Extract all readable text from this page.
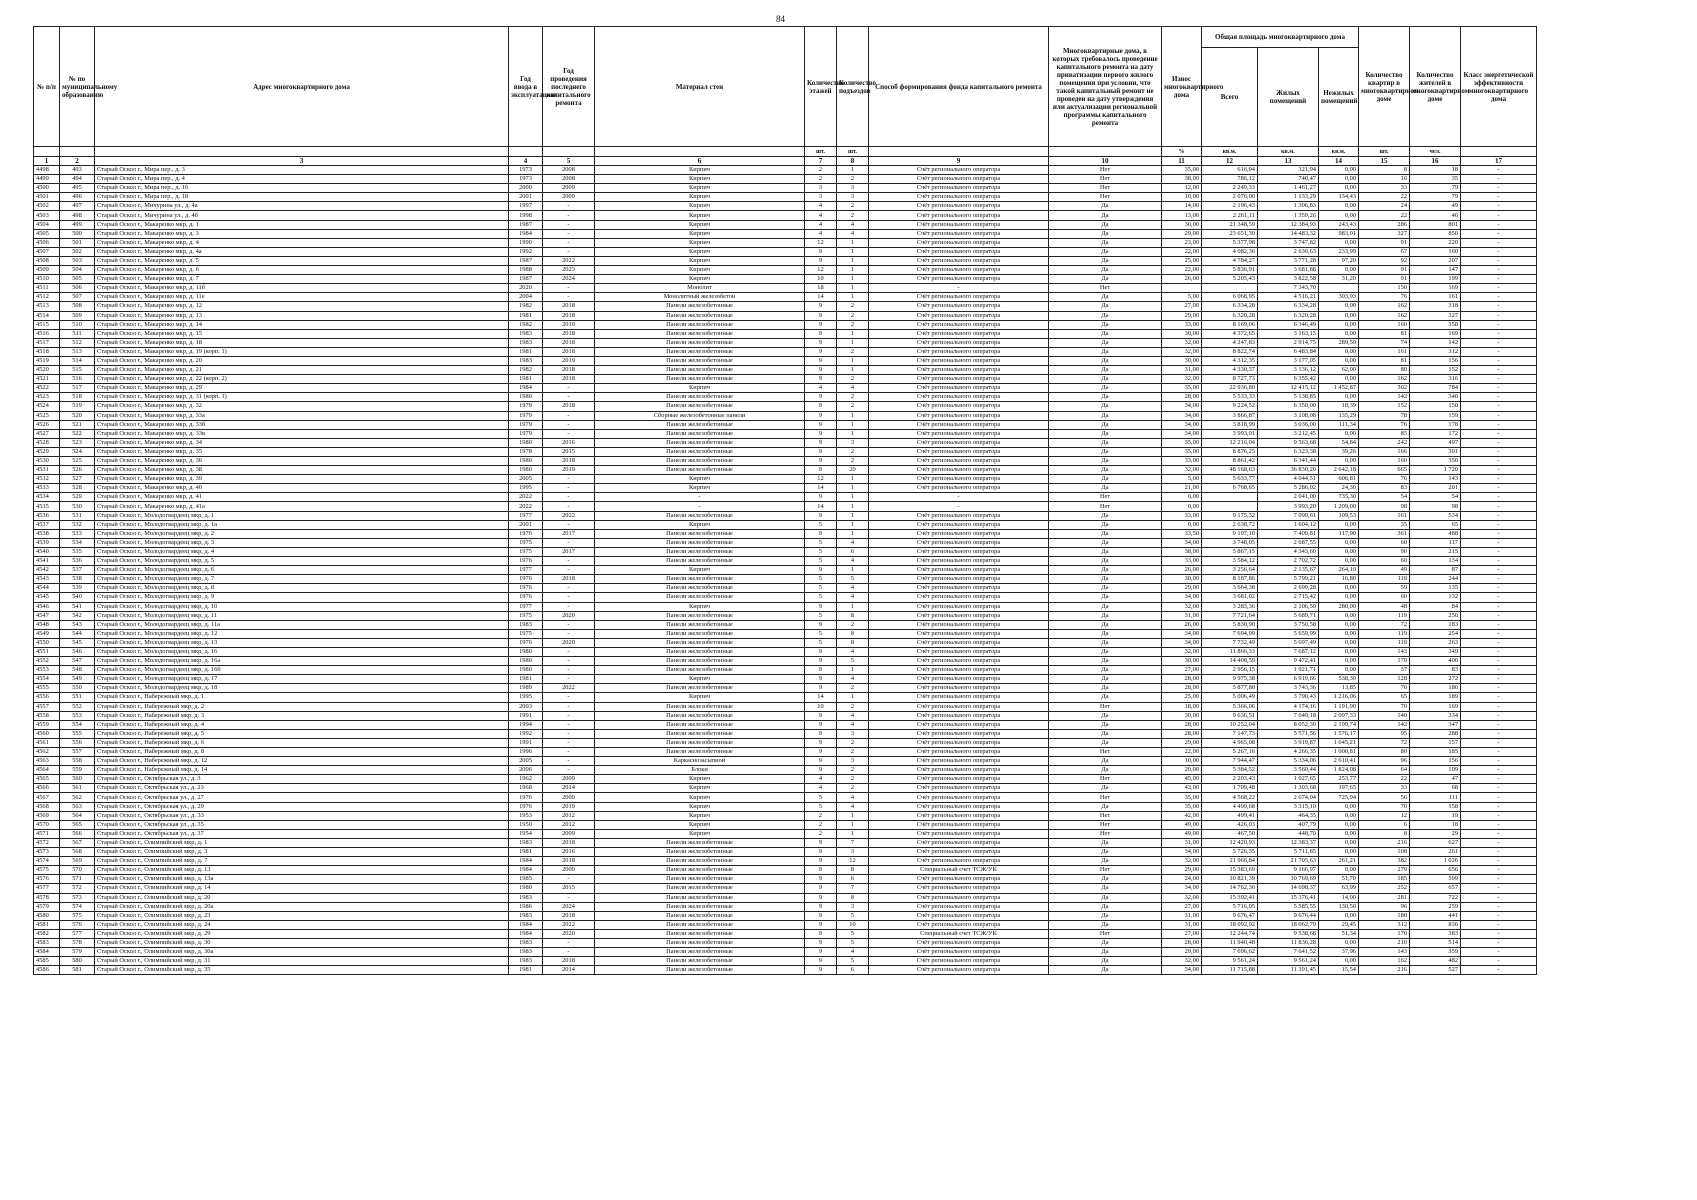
84
№ п/п	№ по муниципальному образованию	Адрес многоквартирного дома	Год ввода в эксплуатацию	Год проведения последнего капитального ремонта	Материал стен	Количество этажей	Количество подъездов	Способ формирования фонда капитального ремонта	Многоквартирные дома, в которых требовалось проведение капитального ремонта на дату приватизации первого жилого помещения при условии, что такой капитальный ремонт не проведен на дату утверждения или актуализации региональной программы капитального ремонта	Износ многоквартирного дома	Общая площадь многоквартирного дома			Количество квартир в многоквартирном доме	Количество жителей в многоквартирном доме	Класс энергетической эффективности многоквартирного дома
											Всего	Жилых помещений	Нежилых помещений			
						шт.	шт.			%	кв.м.	кв.м.	кв.м.	шт.	чел.	
1	2	3	4	5	6	7	8	9	10	11	12	13	14	15	16	17
4498	493	Старый Оскол г., Мира пер., д. 3	1973	2008	Кирпич	2	1	Счёт регионального оператора	Нет	35,00	616,94	321,94	0,00	8	18	-
4499	494	Старый Оскол г., Мира пер., д. 4	1973	2008	Кирпич	2	2	Счёт регионального оператора	Нет	38,00	786,12	740,47	0,00	16	35	-
4500	495	Старый Оскол г., Мира пер., д. 16	2000	2009	Кирпич	3	3	Счёт регионального оператора	Нет	12,00	2 249,33	1 461,27	0,00	33	79	-
4501	496	Старый Оскол г., Мира пер., д. 18	2001	2009	Кирпич	3	3	Счёт регионального оператора	Нет	10,00	2 076,00	1 133,29	134,43	22	79	-
4502	497	Старый Оскол г., Мичурина ул., д. 4а	1997	-	Кирпич	4	2	Счёт регионального оператора	Да	14,00	2 196,43	1 306,83	0,00	24	49	-
4503	498	Старый Оскол г., Мичурина ул., д. 4б	1998	-	Кирпич	4	2	Счёт регионального оператора	Да	13,00	2 261,11	1 359,26	0,00	22	46	-
4504	499	Старый Оскол г., Макаренко мкр, д. 1	1987	-	Кирпич	4	4	Счёт регионального оператора	Да	30,00	21 348,59	12 384,93	243,43	286	801	-
4505	500	Старый Оскол г., Макаренко мкр, д. 3	1984	-	Кирпич	4	4	Счёт регионального оператора	Да	29,00	23 651,30	14 483,32	983,01	327	850	-
4506	501	Старый Оскол г., Макаренко мкр, д. 4	1990	-	Кирпич	12	1	Счёт регионального оператора	Да	23,00	5 377,98	3 747,82	0,00	91	220	-
4507	502	Старый Оскол г., Макаренко мкр, д. 4а	1992	-	Кирпич	9	1	Счёт регионального оператора	Да	22,00	4 082,36	2 636,63	233,99	67	160	-
4508	503	Старый Оскол г., Макаренко мкр, д. 5	1987	2022	Кирпич	9	1	Счёт регионального оператора	Да	25,00	4 784,27	3 771,28	97,20	92	207	-
4509	504	Старый Оскол г., Макаренко мкр, д. 6	1988	2023	Кирпич	12	1	Счёт регионального оператора	Да	22,00	5 836,91	3 681,88	0,00	91	147	-
4510	505	Старый Оскол г., Макаренко мкр, д. 7	1987	2024	Кирпич	10	1	Счёт регионального оператора	Да	26,00	5 205,43	3 822,58	31,20	91	199	-
4511	506	Старый Оскол г., Макаренко мкр, д. 11б	2020	-	Монолит	18	1	-	Нет			7 343,70		150	169	-
4512	507	Старый Оскол г., Макаренко мкр, д. 11е	2004	-	Монолитный железобетон	14	1	Счёт регионального оператора	Да	5,00	6 068,95	4 516,21	303,93	76	161	-
4513	508	Старый Оскол г., Макаренко мкр, д. 12	1982	2018	Панели железобетонные	9	2	Счёт регионального оператора	Да	27,00	6 334,28	6 334,28	0,00	162	318	-
4514	509	Старый Оскол г., Макаренко мкр, д. 13	1981	2018	Панели железобетонные	9	2	Счёт регионального оператора	Да	29,00	6 320,28	6 320,28	0,00	162	327	-
4515	510	Старый Оскол г., Макаренко мкр, д. 14	1982	2019	Панели железобетонные	9	2	Счёт регионального оператора	Да	33,00	8 169,06	6 346,49	0,00	160	358	-
4516	511	Старый Оскол г., Макаренко мкр, д. 15	1983	2018	Панели железобетонные	9	1	Счёт регионального оператора	Да	30,00	4 372,65	3 163,15	0,00	81	169	-
4517	512	Старый Оскол г., Макаренко мкр, д. 18	1983	2018	Панели железобетонные	9	1	Счёт регионального оператора	Да	32,00	4 247,83	2 914,75	289,50	74	142	-
4518	513	Старый Оскол г., Макаренко мкр, д. 19 (корп. 1)	1981	2018	Панели железобетонные	9	2	Счёт регионального оператора	Да	32,00	8 822,74	6 483,84	0,00	161	312	-
4519	514	Старый Оскол г., Макаренко мкр, д. 20	1983	2019	Панели железобетонные	9	1	Счёт регионального оператора	Да	30,00	4 312,35	3 177,05	0,00	81	156	-
4520	515	Старый Оскол г., Макаренко мкр, д. 21	1982	2018	Панели железобетонные	9	1	Счёт регионального оператора	Да	31,00	4 330,37	3 136,12	62,00	80	152	-
4521	516	Старый Оскол г., Макаренко мкр, д. 22 (корп. 2)	1981	2018	Панели железобетонные	9	2	Счёт регионального оператора	Да	32,00	8 727,73	6 355,42	0,00	162	316	-
4522	517	Старый Оскол г., Макаренко мкр, д. 29	1984	-	Кирпич	4	4	Счёт регионального оператора	Да	35,00	22 936,80	12 415,12	1 452,87	302	784	-
4523	518	Старый Оскол г., Макаренко мкр, д. 31 (корп. 1)	1980	-	Панели железобетонные	9	2	Счёт регионального оператора	Да	28,00	5 533,33	5 138,85	0,00	142	340	-
4524	519	Старый Оскол г., Макаренко мкр, д. 32	1979	2018	Панели железобетонные	9	2	Счёт регионального оператора	Да	34,00	9 224,52	6 350,00	18,39	152	150	-
4525	520	Старый Оскол г., Макаренко мкр, д. 33а	1979	-	Сборные железобетонные панели	9	1	Счёт регионального оператора	Да	34,00	3 866,87	3 108,08	135,29	78	159	-
4526	521	Старый Оскол г., Макаренко мкр, д. 33б	1979	-	Панели железобетонные	9	1	Счёт регионального оператора	Да	34,00	3 818,99	3 036,00	111,34	76	178	-
4527	522	Старый Оскол г., Макаренко мкр, д. 33в	1979	-	Панели железобетонные	9	1	Счёт регионального оператора	Да	34,00	3 993,01	3 212,45	0,00	85	172	-
4528	523	Старый Оскол г., Макаренко мкр, д. 34	1980	2016	Панели железобетонные	9	3	Счёт регионального оператора	Да	35,00	12 216,04	9 563,68	54,84	242	497	-
4529	524	Старый Оскол г., Макаренко мкр, д. 35	1978	2015	Панели железобетонные	9	2	Счёт регионального оператора	Да	35,00	8 876,25	6 323,38	39,26	166	301	-
4530	525	Старый Оскол г., Макаренко мкр, д. 36	1980	2018	Панели железобетонные	9	2	Счёт регионального оператора	Да	33,00	8 861,42	6 341,44	0,00	160	350	-
4531	526	Старый Оскол г., Макаренко мкр, д. 38	1980	2019	Панели железобетонные	9	20	Счёт регионального оператора	Да	32,00	48 168,63	36 830,20	2 642,18	665	1 720	-
4532	527	Старый Оскол г., Макаренко мкр, д. 39	2005	-	Кирпич	12	1	Счёт регионального оператора	Да	5,00	5 633,77	4 044,51	606,81	76	143	-
4533	528	Старый Оскол г., Макаренко мкр, д. 40	1995	-	Кирпич	14	1	Счёт регионального оператора	Да	21,00	6 768,65	5 286,02	24,30	83	201	-
4534	529	Старый Оскол г., Макаренко мкр, д. 41	2022	-	-	9	1	-	Нет	0,00		2 041,00	735,30	54	54	-
4535	530	Старый Оскол г., Макаренко мкр, д. 41а	2022	-	-	14	1	-	Нет	0,00		3 993,20	1 209,00	98	98	-
4536	531	Старый Оскол г., Молодогвардеец мкр, д. 1	1977	2022	Панели железобетонные	9	1	Счёт регионального оператора	Да	33,00	9 175,32	7 099,61	109,53	161	534	-
4537	532	Старый Оскол г., Молодогвардеец мкр, д. 1а	2001	-	Кирпич	5	1	Счёт регионального оператора	Да	0,00	2 638,72	1 604,12	0,00	35	65	-
4538	533	Старый Оскол г., Молодогвардеец мкр, д. 2	1976	2017	Панели железобетонные	9	1	Счёт регионального оператора	Да	33,50	9 197,10	7 409,81	117,90	361	488	-
4539	534	Старый Оскол г., Молодогвардеец мкр, д. 3	1975	-	Панели железобетонные	5	4	Счёт регионального оператора	Да	34,00	3 748,05	2 687,55	0,00	60	117	-
4540	535	Старый Оскол г., Молодогвардеец мкр, д. 4	1975	2017	Панели железобетонные	5	6	Счёт регионального оператора	Да	38,00	5 867,15	4 343,60	0,00	90	215	-
4541	536	Старый Оскол г., Молодогвардеец мкр, д. 5	1976	-	Панели железобетонные	5	4	Счёт регионального оператора	Да	33,00	3 584,12	2 702,72	0,00	60	134	-
4542	537	Старый Оскол г., Молодогвардеец мкр, д. 6	1977	-	Кирпич	9	1	Счёт регионального оператора	Да	26,00	3 256,64	2 135,67	264,10	49	87	-
4543	538	Старый Оскол г., Молодогвардеец мкр, д. 7	1976	2018	Панели железобетонные	5	5	Счёт регионального оператора	Да	30,00	8 187,86	5 799,21	16,80	119	244	-
4544	539	Старый Оскол г., Молодогвардеец мкр, д. 8	1976	-	Панели железобетонные	5	4	Счёт регионального оператора	Да	29,00	3 664,38	2 699,28	0,00	59	135	-
4545	540	Старый Оскол г., Молодогвардеец мкр, д. 9	1976	-	Панели железобетонные	5	4	Счёт регионального оператора	Да	34,00	3 681,02	2 715,42	0,00	60	132	-
4546	541	Старый Оскол г., Молодогвардеец мкр, д. 10	1977	-	Кирпич	9	1	Счёт регионального оператора	Да	32,00	3 283,36	2 106,50	280,00	48	84	-
4547	542	Старый Оскол г., Молодогвардеец мкр, д. 11	1975	2020	Панели железобетонные	5	8	Счёт регионального оператора	Да	31,00	7 721,64	5 689,71	0,00	119	250	-
4548	543	Старый Оскол г., Молодогвардеец мкр, д. 11а	1983	-	Панели железобетонные	9	2	Счёт регионального оператора	Да	26,00	5 830,90	3 750,58	0,00	72	183	-
4549	544	Старый Оскол г., Молодогвардеец мкр, д. 12	1975	-	Панели железобетонные	5	8	Счёт регионального оператора	Да	34,00	7 694,99	5 659,99	0,00	119	254	-
4550	545	Старый Оскол г., Молодогвардеец мкр, д. 13	1976	2020	Панели железобетонные	5	8	Счёт регионального оператора	Да	34,00	7 732,49	5 697,49	0,00	119	263	-
4551	546	Старый Оскол г., Молодогвардеец мкр, д. 16	1980	-	Панели железобетонные	9	4	Счёт регионального оператора	Да	32,00	11 866,33	7 687,12	0,00	143	349	-
4552	547	Старый Оскол г., Молодогвардеец мкр, д. 16а	1980	-	Панели железобетонные	9	5	Счёт регионального оператора	Да	30,00	14 408,59	9 472,41	0,00	179	400	-
4553	548	Старый Оскол г., Молодогвардеец мкр, д. 16б	1980	-	Панели железобетонные	9	1	Счёт регионального оператора	Да	27,00	2 956,15	1 921,71	0,00	37	83	-
4554	549	Старый Оскол г., Молодогвардеец мкр, д. 17	1981	-	Кирпич	9	4	Счёт регионального оператора	Да	28,00	9 975,38	6 919,66	538,30	128	272	-
4555	550	Старый Оскол г., Молодогвардеец мкр, д. 18	1989	2022	Панели железобетонные	9	2	Счёт регионального оператора	Да	28,00	5 877,80	3 743,36	13,85	70	180	-
4556	551	Старый Оскол г., Набережный мкр, д. 1	1995	-	Кирпич	14	1	Счёт регионального оператора	Да	25,00	5 006,49	3 790,43	1 216,06	65	189	-
4557	552	Старый Оскол г., Набережный мкр, д. 2	2003	-	Панели железобетонные	10	2	Счёт регионального оператора	Нет	18,00	5 366,06	4 174,16	1 191,90	70	169	-
4558	553	Старый Оскол г., Набережный мкр, д. 3	1991	-	Панели железобетонные	9	4	Счёт регионального оператора	Да	30,00	9 636,51	7 649,18	2 097,33	140	334	-
4559	554	Старый Оскол г., Набережный мкр, д. 4	1994	-	Панели железобетонные	9	4	Счёт регионального оператора	Да	28,00	10 252,04	8 052,30	2 199,74	142	347	-
4560	555	Старый Оскол г., Набережный мкр, д. 5	1992	-	Панели железобетонные	9	3	Счёт регионального оператора	Да	28,00	7 147,73	5 571,56	1 576,17	95	288	-
4561	556	Старый Оскол г., Набережный мкр, д. 6	1991	-	Панели железобетонные	9	2	Счёт регионального оператора	Да	29,00	4 965,08	3 919,87	1 045,21	72	157	-
4562	557	Старый Оскол г., Набережный мкр, д. 8	1996	-	Панели железобетонные	9	2	Счёт регионального оператора	Нет	22,00	5 267,16	4 266,35	1 000,81	80	185	-
4563	558	Старый Оскол г., Набережный мкр, д. 12	2005	-	Каркаснозасыпной	9	3	Счёт регионального оператора	Да	10,00	7 944,47	5 334,06	2 610,41	96	156	-
4564	559	Старый Оскол г., Набережный мкр, д. 14	2006	-	Блоки	9	2	Счёт регионального оператора	Да	20,00	5 384,52	3 560,44	1 824,08	64	109	-
4565	560	Старый Оскол г., Октябрьская ул., д. 3	1962	2009	Кирпич	4	2	Счёт регионального оператора	Нет	45,00	2 203,43	1 027,65	253,77	22	47	-
4566	561	Старый Оскол г., Октябрьская ул., д. 23	1968	2014	Кирпич	4	2	Счёт регионального оператора	Да	43,00	1 709,48	1 303,68	197,65	33	68	-
4567	562	Старый Оскол г., Октябрьская ул., д. 27	1976	2009	Кирпич	5	4	Счёт регионального оператора	Нет	35,00	4 568,22	2 674,04	725,94	56	111	-
4568	563	Старый Оскол г., Октябрьская ул., д. 29	1976	2019	Кирпич	5	4	Счёт регионального оператора	Да	35,00	4 499,68	3 315,10	0,00	70	158	-
4569	564	Старый Оскол г., Октябрьская ул., д. 33	1953	2012	Кирпич	2	1	Счёт регионального оператора	Нет	42,00	499,41	464,35	0,00	12	19	-
4570	565	Старый Оскол г., Октябрьская ул., д. 35	1950	2012	Кирпич	2	1	Счёт регионального оператора	Нет	49,00	426,03	407,79	0,00	6	18	-
4571	566	Старый Оскол г., Октябрьская ул., д. 37	1954	2009	Кирпич	2	1	Счёт регионального оператора	Нет	49,00	467,50	448,70	0,00	8	29	-
4572	567	Старый Оскол г., Олимпийский мкр, д. 1	1983	2018	Панели железобетонные	9	7	Счёт регионального оператора	Да	31,00	12 420,93	12 383,37	0,00	216	627	-
4573	568	Старый Оскол г., Олимпийский мкр, д. 3	1981	2016	Панели железобетонные	9	3	Счёт регионального оператора	Да	34,00	5 726,35	5 711,85	0,00	108	261	-
4574	569	Старый Оскол г., Олимпийский мкр, д. 7	1984	2018	Панели железобетонные	9	12	Счёт регионального оператора	Да	32,00	21 966,84	21 705,63	261,21	382	1 026	-
4575	570	Старый Оскол г., Олимпийский мкр, д. 13	1984	2009	Панели железобетонные	9	8	Специальный счет ТСЖ/УК	Нет	29,00	15 383,69	9 166,97	0,00	279	656	-
4576	571	Старый Оскол г., Олимпийский мкр, д. 13а	1985	-	Панели железобетонные	9	6	Счёт регионального оператора	Да	24,00	10 821,39	10 769,69	51,70	185	599	-
4577	572	Старый Оскол г., Олимпийский мкр, д. 14	1980	2015	Панели железобетонные	9	7	Счёт регионального оператора	Да	34,00	14 762,36	14 698,37	63,99	252	657	-
4578	573	Старый Оскол г., Олимпийский мкр, д. 20	1983	-	Панели железобетонные	9	8	Счёт регионального оператора	Да	32,00	15 392,41	15 376,41	14,00	281	722	-
4579	574	Старый Оскол г., Олимпийский мкр, д. 20а	1986	2024	Панели железобетонные	9	3	Счёт регионального оператора	Да	27,00	5 716,05	5 585,55	130,50	96	259	-
4580	575	Старый Оскол г., Олимпийский мкр, д. 23	1983	2018	Панели железобетонные	9	5	Счёт регионального оператора	Да	31,00	9 676,47	9 676,44	0,00	180	441	-
4581	576	Старый Оскол г., Олимпийский мкр, д. 24	1984	2022	Панели железобетонные	9	10	Счёт регионального оператора	Да	31,00	18 092,92	18 062,79	29,45	312	836	-
4582	577	Старый Оскол г., Олимпийский мкр, д. 29	1984	2020	Панели железобетонные	9	5	Специальный счет ТСЖ/УК	Нет	27,00	12 244,74	9 538,68	51,34	170	383	-
4583	578	Старый Оскол г., Олимпийский мкр, д. 30	1983	-	Панели железобетонные	9	5	Счёт регионального оператора	Да	28,00	11 940,48	11 836,28	0,00	210	514	-
4584	579	Старый Оскол г., Олимпийский мкр, д. 30а	1983	-	Панели железобетонные	9	4	Счёт регионального оператора	Да	29,00	7 696,62	7 641,52	37,96	143	359	-
4585	580	Старый Оскол г., Олимпийский мкр, д. 31	1983	2018	Панели железобетонные	9	5	Счёт регионального оператора	Да	32,00	9 561,24	9 561,24	0,00	162	482	-
4586	581	Старый Оскол г., Олимпийский мкр, д. 35	1981	2014	Панели железобетонные	9	6	Счёт регионального оператора	Да	34,00	11 715,88	11 391,45	15,54	216	527	-
